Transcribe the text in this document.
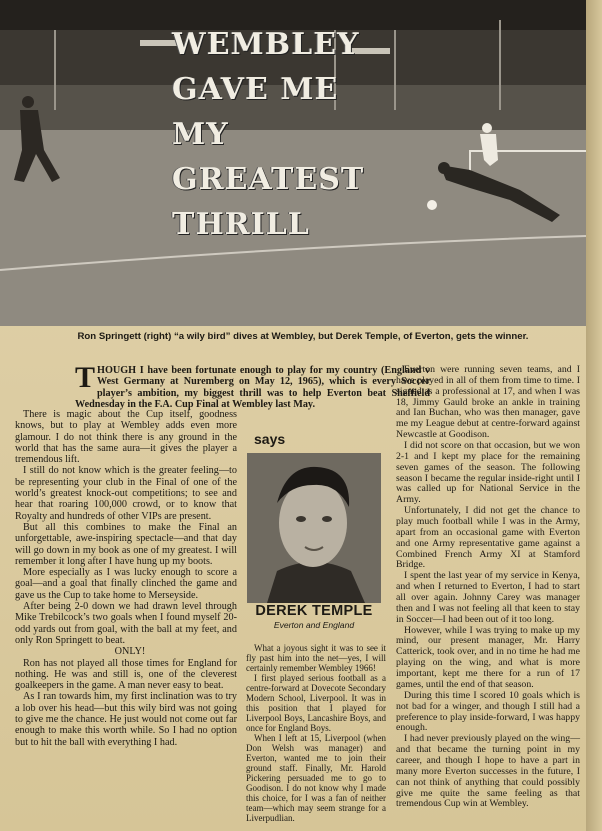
WEMBLEY
GAVE ME
MY
GREATEST
THRILL
Ron Springett (right) “a wily bird” dives at Wembley, but Derek Temple, of Everton, gets the winner.
THOUGH I have been fortunate enough to play for my country (England v West Germany at Nuremberg on May 12, 1965), which is every Soccer player’s ambition, my biggest thrill was to help Everton beat Sheffield Wednesday in the F.A. Cup Final at Wembley last May.

There is magic about the Cup itself, goodness knows, but to play at Wembley adds even more glamour. I do not think there is any ground in the world that has the same aura—it gives the player a tremendous lift.

I still do not know which is the greater feeling—to be representing your club in the Final of one of the world’s greatest knock-out competitions; to see and hear that roaring 100,000 crowd, or to know that Royalty and hundreds of other VIPs are present.

But all this combines to make the Final an unforgettable, awe-inspiring spectacle—and that day will go down in my book as one of my greatest. I will remember it long after I have hung up my boots.

More especially as I was lucky enough to score a goal—and a goal that finally clinched the game and gave us the Cup to take home to Merseyside.

After being 2-0 down we had drawn level through Mike Trebilcock’s two goals when I found myself 20-odd yards out from goal, with the ball at my feet, and only Ron Springett to beat.

ONLY!

Ron has not played all those times for England for nothing. He was and still is, one of the cleverest goalkeepers in the game. A man never easy to beat.

As I ran towards him, my first inclination was to try a lob over his head—but this wily bird was not going to give me the chance. He just would not come out far enough to make this worth while. So I had no option but to hit the ball with everything I had.

says
DEREK TEMPLE
Everton and England

What a joyous sight it was to see it fly past him into the net—yes, I will certainly remember Wembley 1966!

I first played serious football as a centre-forward at Dovecote Secondary Modern School, Liverpool. It was in this position that I played for Liverpool Boys, Lancashire Boys, and once for England Boys.

When I left at 15, Liverpool (when Don Welsh was manager) and Everton, wanted me to join their ground staff. Finally, Mr. Harold Pickering persuaded me to go to Goodison. I do not know why I made this choice, for I was a fan of neither team—which may seem strange for a Liverpudlian.

Everton were running seven teams, and I have played in all of them from time to time. I signed as a professional at 17, and when I was 18, Jimmy Gauld broke an ankle in training and Ian Buchan, who was then manager, gave me my League debut at centre-forward against Newcastle at Goodison.

I did not score on that occasion, but we won 2-1 and I kept my place for the remaining seven games of the season. The following season I became the regular inside-right until I was called up for National Service in the Army.

Unfortunately, I did not get the chance to play much football while I was in the Army, apart from an occasional game with Everton and one Army representative game against a Combined French Army XI at Stamford Bridge.

I spent the last year of my service in Kenya, and when I returned to Everton, I had to start all over again. Johnny Carey was manager then and I was not feeling all that keen to stay in Soccer—I had been out of it too long.

However, while I was trying to make up my mind, our present manager, Mr. Harry Catterick, took over, and in no time he had me playing on the wing, and what is more important, kept me there for a run of 17 games, until the end of that season.

During this time I scored 10 goals which is not bad for a winger, and though I still had a preference to play inside-forward, I was happy enough.

I had never previously played on the wing—and that became the turning point in my career, and though I hope to have a part in many more Everton successes in the future, I can not think of anything that could possibly give me quite the same feeling as that tremendous Cup win at Wembley.
